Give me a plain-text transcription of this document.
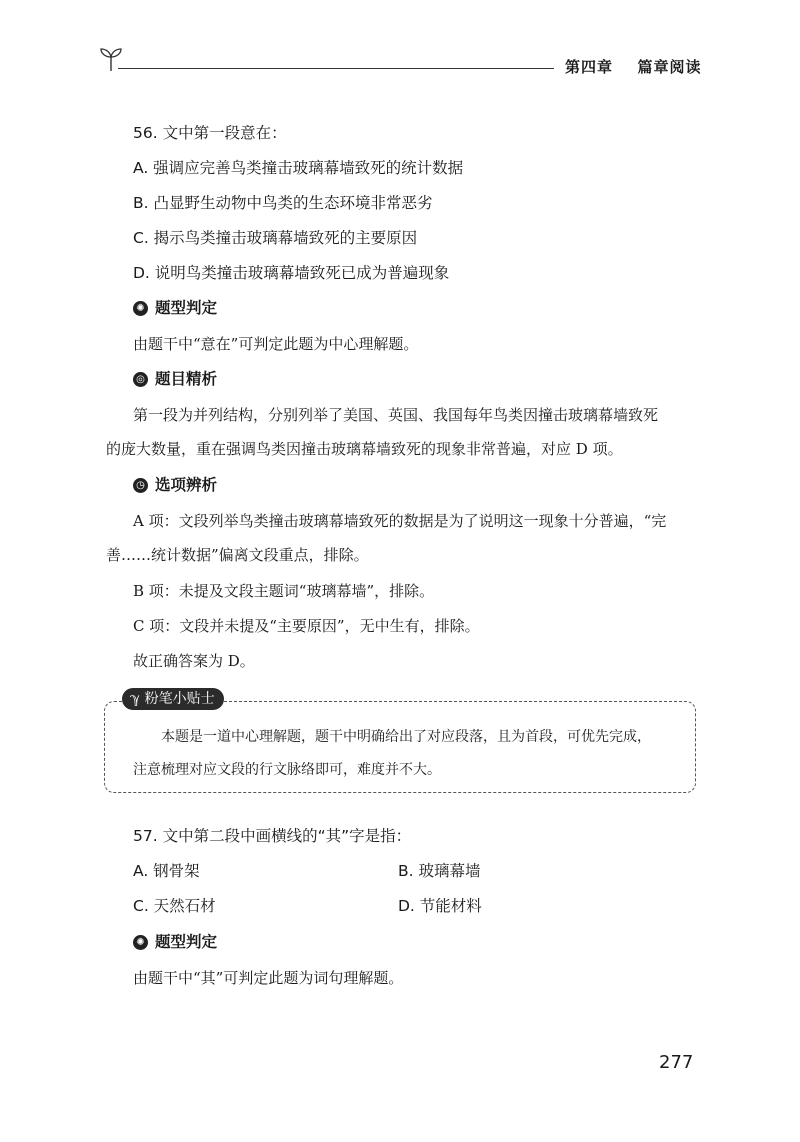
第四章 篇章阅读
56. 文中第一段意在：
A. 强调应完善鸟类撞击玻璃幕墙致死的统计数据
B. 凸显野生动物中鸟类的生态环境非常恶劣
C. 揭示鸟类撞击玻璃幕墙致死的主要原因
D. 说明鸟类撞击玻璃幕墙致死已成为普遍现象
✺ 题型判定
由题干中“意在”可判定此题为中心理解题。
◎ 题目精析
第一段为并列结构，分别列举了美国、英国、我国每年鸟类因撞击玻璃幕墙致死
的庞大数量，重在强调鸟类因撞击玻璃幕墙致死的现象非常普遍，对应 D 项。
◷ 选项辨析
A 项：文段列举鸟类撞击玻璃幕墙致死的数据是为了说明这一现象十分普遍，“完
善……统计数据”偏离文段重点，排除。
B 项：未提及文段主题词“玻璃幕墙”，排除。
C 项：文段并未提及“主要原因”，无中生有，排除。
故正确答案为 D。
ℽ 粉笔小贴士
本题是一道中心理解题，题干中明确给出了对应段落，且为首段，可优先完成，
注意梳理对应文段的行文脉络即可，难度并不大。
57. 文中第二段中画横线的“其”字是指：
A. 钢骨架	B. 玻璃幕墙
C. 天然石材	D. 节能材料
✺ 题型判定
由题干中“其”可判定此题为词句理解题。
277
